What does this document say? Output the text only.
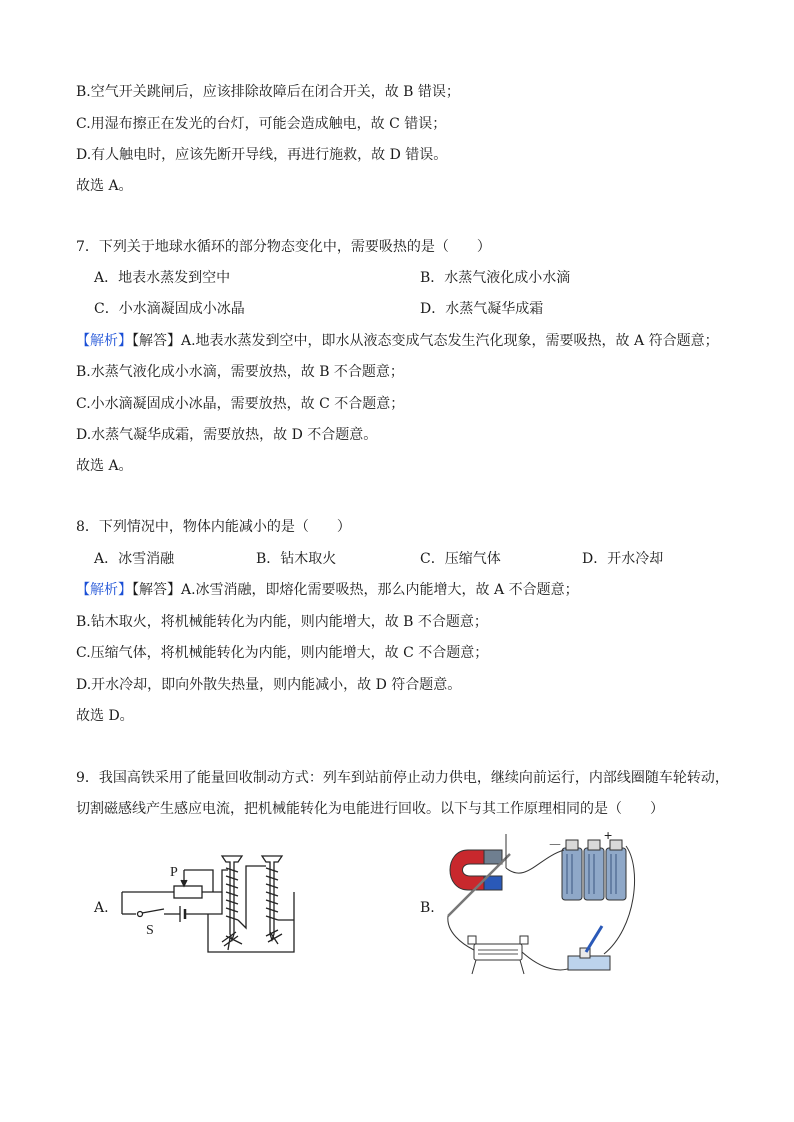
B.空气开关跳闸后，应该排除故障后在闭合开关，故 B 错误；
C.用湿布擦正在发光的台灯，可能会造成触电，故 C 错误；
D.有人触电时，应该先断开导线，再进行施救，故 D 错误。
故选 A。
7．下列关于地球水循环的部分物态变化中，需要吸热的是（　　）
A．地表水蒸发到空中	B．水蒸气液化成小水滴
C．小水滴凝固成小冰晶	D．水蒸气凝华成霜
【解析】【解答】A.地表水蒸发到空中，即水从液态变成气态发生汽化现象，需要吸热，故 A 符合题意；
B.水蒸气液化成小水滴，需要放热，故 B 不合题意；
C.小水滴凝固成小冰晶，需要放热，故 C 不合题意；
D.水蒸气凝华成霜，需要放热，故 D 不合题意。
故选 A。
8．下列情况中，物体内能减小的是（　　）
A．冰雪消融	B．钻木取火	C．压缩气体	D．开水冷却
【解析】【解答】A.冰雪消融，即熔化需要吸热，那么内能增大，故 A 不合题意；
B.钻木取火，将机械能转化为内能，则内能增大，故 B 不合题意；
C.压缩气体，将机械能转化为内能，则内能增大，故 C 不合题意；
D.开水冷却，即向外散失热量，则内能减小，故 D 符合题意。
故选 D。
9．我国高铁采用了能量回收制动方式：列车到站前停止动力供电，继续向前运行，内部线圈随车轮转动，
切割磁感线产生感应电流，把机械能转化为电能进行回收。以下与其工作原理相同的是（　　）
A.
P
S
B.
－
+
